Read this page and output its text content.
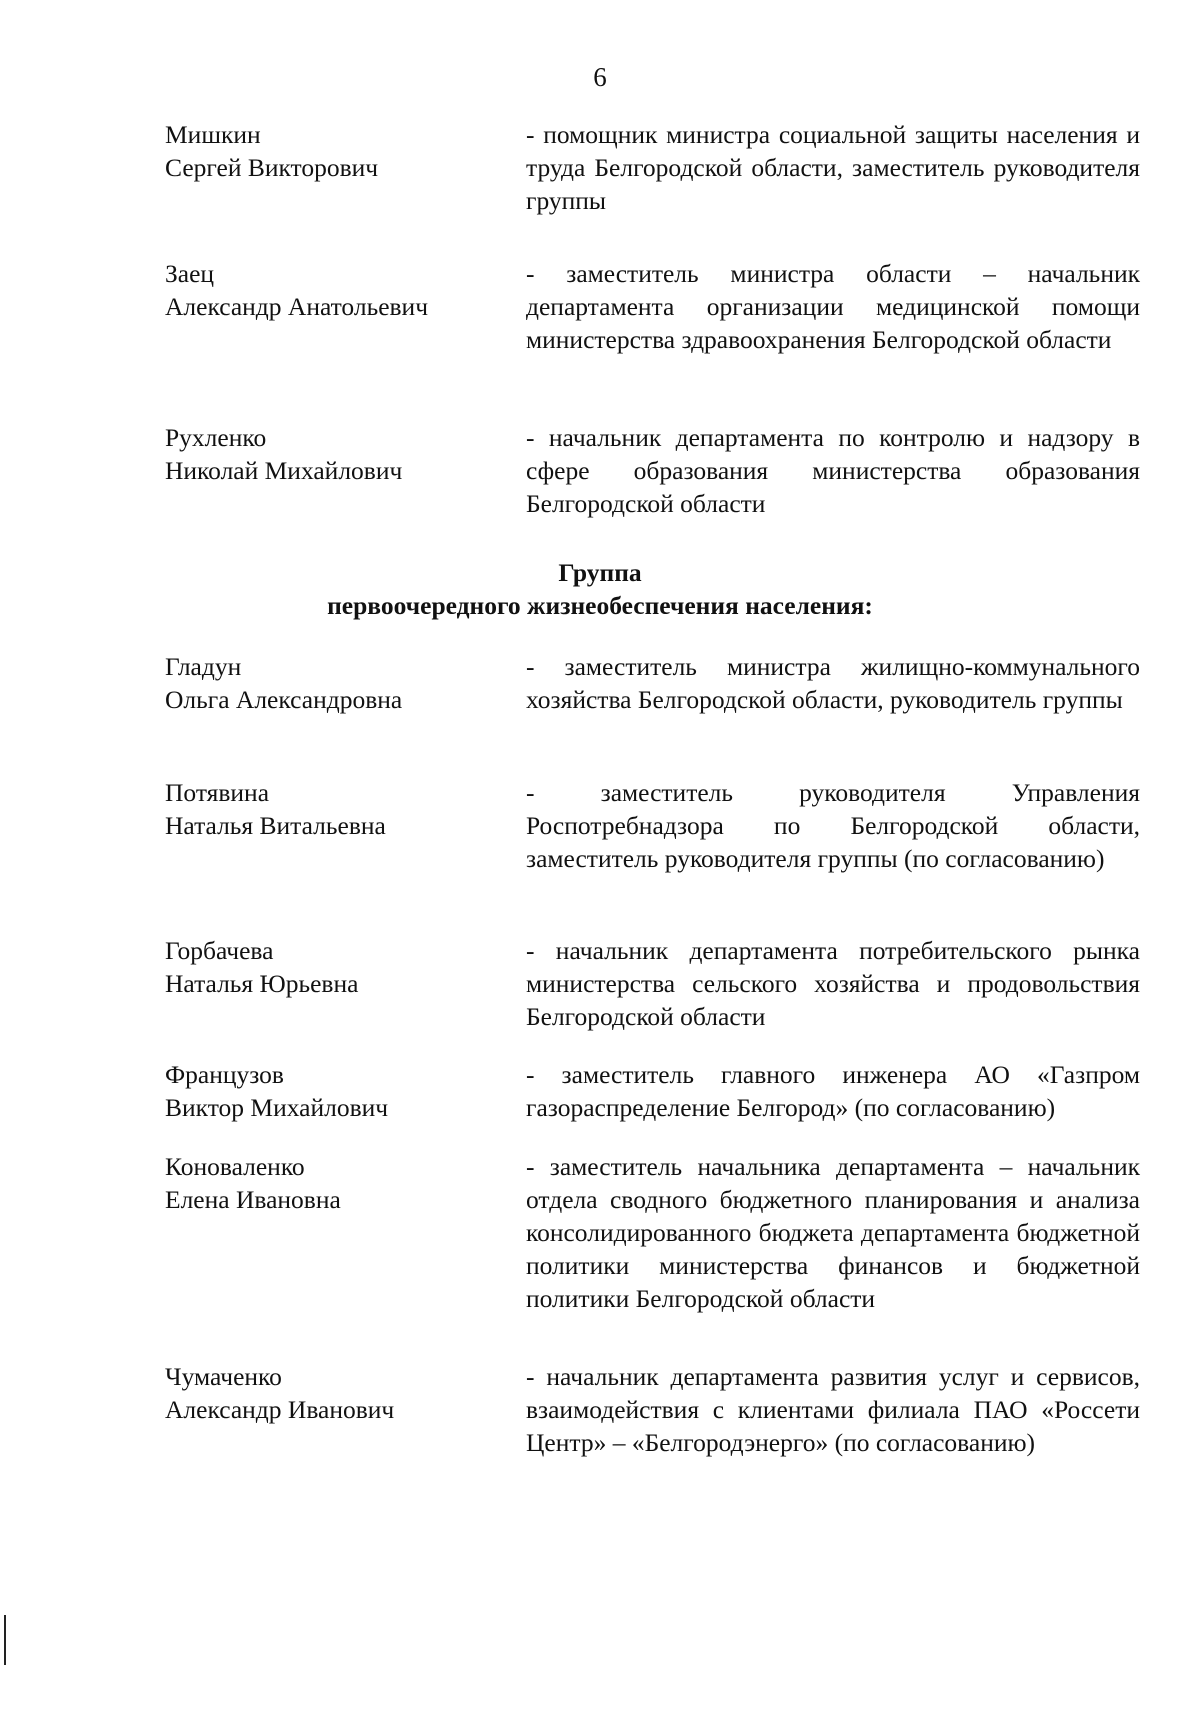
6
Мишкин
Сергей Викторович
- помощник министра социальной защиты населения и труда Белгородской области, заместитель руководителя группы
Заец
Александр Анатольевич
- заместитель министра области – начальник департамента организации медицинской помощи министерства здравоохранения Белгородской области
Рухленко
Николай Михайлович
- начальник департамента по контролю и надзору в сфере образования министерства образования Белгородской области
Группа
первоочередного жизнеобеспечения населения:
Гладун
Ольга Александровна
- заместитель министра жилищно-коммунального хозяйства Белгородской области, руководитель группы
Потявина
Наталья Витальевна
- заместитель руководителя Управления Роспотребнадзора по Белгородской области, заместитель руководителя группы (по согласованию)
Горбачева
Наталья Юрьевна
- начальник департамента потребительского рынка министерства сельского хозяйства и продовольствия Белгородской области
Французов
Виктор Михайлович
- заместитель главного инженера АО «Газпром газораспределение Белгород» (по согласованию)
Коноваленко
Елена Ивановна
- заместитель начальника департамента – начальник отдела сводного бюджетного планирования и анализа консолидированного бюджета департамента бюджетной политики министерства финансов и бюджетной политики Белгородской области
Чумаченко
Александр Иванович
- начальник департамента развития услуг и сервисов, взаимодействия с клиентами филиала ПАО «Россети Центр» – «Белгородэнерго» (по согласованию)
